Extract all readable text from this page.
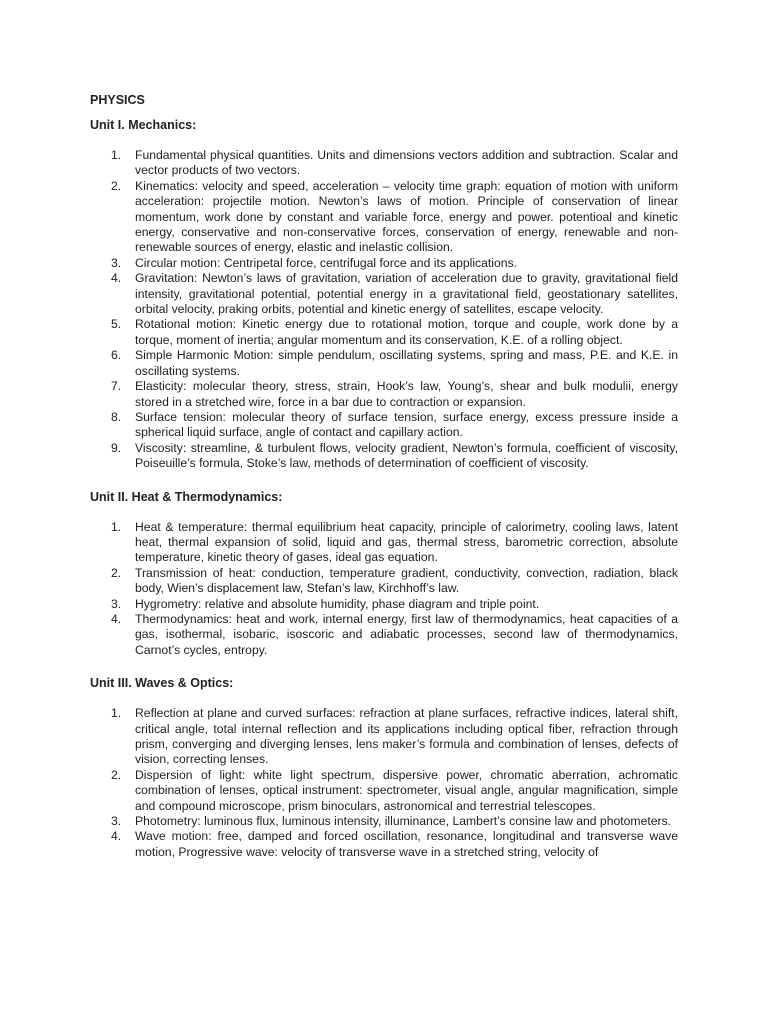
PHYSICS
Unit I. Mechanics:
1.	Fundamental physical quantities. Units and dimensions vectors addition and subtraction. Scalar and vector products of two vectors.
2.	Kinematics: velocity and speed, acceleration – velocity time graph: equation of motion with uniform acceleration: projectile motion. Newton’s laws of motion. Principle of conservation of linear momentum, work done by constant and variable force, energy and power. potentioal and kinetic energy, conservative and non-conservative forces, conservation of energy, renewable and non-renewable sources of energy, elastic and inelastic collision.
3.	Circular motion: Centripetal force, centrifugal force and its applications.
4.	Gravitation: Newton’s laws of gravitation, variation of acceleration due to gravity, gravitational field intensity, gravitational potential, potential energy in a gravitational field, geostationary satellites, orbital velocity, praking orbits, potential and kinetic energy of satellites, escape velocity.
5.	Rotational motion: Kinetic energy due to rotational motion, torque and couple, work done by a torque, moment of inertia; angular momentum and its conservation, K.E. of a rolling object.
6.	Simple Harmonic Motion: simple pendulum, oscillating systems, spring and mass, P.E. and K.E. in oscillating systems.
7.	Elasticity: molecular theory, stress, strain, Hook’s law, Young’s, shear and bulk modulii, energy stored in a stretched wire, force in a bar due to contraction or expansion.
8.	Surface tension: molecular theory of surface tension, surface energy, excess pressure inside a spherical liquid surface, angle of contact and capillary action.
9.	Viscosity: streamline, & turbulent flows, velocity gradient, Newton’s formula, coefficient of viscosity, Poiseuille’s formula, Stoke’s law, methods of determination of coefficient of viscosity.
Unit II. Heat & Thermodynamics:
1.	Heat & temperature: thermal equilibrium heat capacity, principle of calorimetry, cooling laws, latent heat, thermal expansion of solid, liquid and gas, thermal stress, barometric correction, absolute temperature, kinetic theory of gases, ideal gas equation.
2.	Transmission of heat: conduction, temperature gradient, conductivity, convection, radiation, black body, Wien’s displacement law, Stefan’s law, Kirchhoff’s law.
3.	Hygrometry: relative and absolute humidity, phase diagram and triple point.
4.	Thermodynamics: heat and work, internal energy, first law of thermodynamics, heat capacities of a gas, isothermal, isobaric, isoscoric and adiabatic processes, second law of thermodynamics, Carnot’s cycles, entropy.
Unit III. Waves & Optics:
1.	Reflection at plane and curved surfaces: refraction at plane surfaces, refractive indices, lateral shift, critical angle, total internal reflection and its applications including optical fiber, refraction through prism, converging and diverging lenses, lens maker’s formula and combination of lenses, defects of vision, correcting lenses.
2.	Dispersion of light: white light spectrum, dispersive power, chromatic aberration, achromatic combination of lenses, optical instrument: spectrometer, visual angle, angular magnification, simple and compound microscope, prism binoculars, astronomical and terrestrial telescopes.
3.	Photometry: luminous flux, luminous intensity, illuminance, Lambert’s consine law and photometers.
4.	Wave motion: free, damped and forced oscillation, resonance, longitudinal and transverse wave motion, Progressive wave: velocity of transverse wave in a stretched string, velocity of
